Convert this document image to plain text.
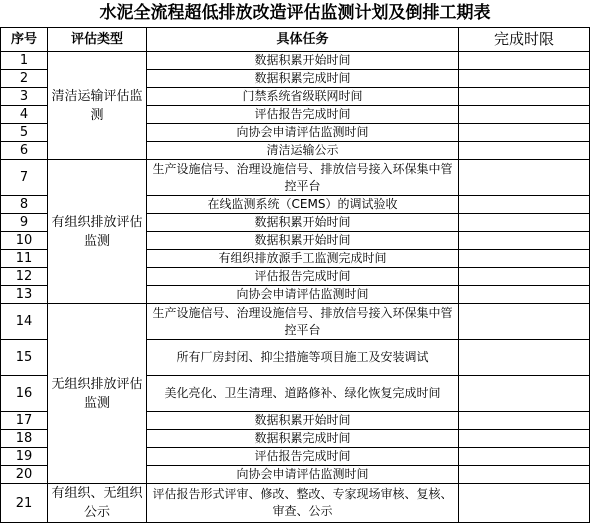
水泥全流程超低排放改造评估监测计划及倒排工期表
序号	评估类型	具体任务	完成时限
1	清洁运输评估监测	数据积累开始时间	
2		数据积累完成时间	
3		门禁系统省级联网时间	
4		评估报告完成时间	
5		向协会申请评估监测时间	
6		清洁运输公示	
7	有组织排放评估监测	生产设施信号、治理设施信号、排放信号接入环保集中管控平台	
8		在线监测系统（CEMS）的调试验收	
9		数据积累开始时间	
10		数据积累开始时间	
11		有组织排放源手工监测完成时间	
12		评估报告完成时间	
13		向协会申请评估监测时间	
14	无组织排放评估监测	生产设施信号、治理设施信号、排放信号接入环保集中管控平台	
15		所有厂房封闭、抑尘措施等项目施工及安装调试	
16		美化亮化、卫生清理、道路修补、绿化恢复完成时间	
17		数据积累开始时间	
18		数据积累完成时间	
19		评估报告完成时间	
20		向协会申请评估监测时间	
21	有组织、无组织公示	评估报告形式评审、修改、整改、专家现场审核、复核、审查、公示	
